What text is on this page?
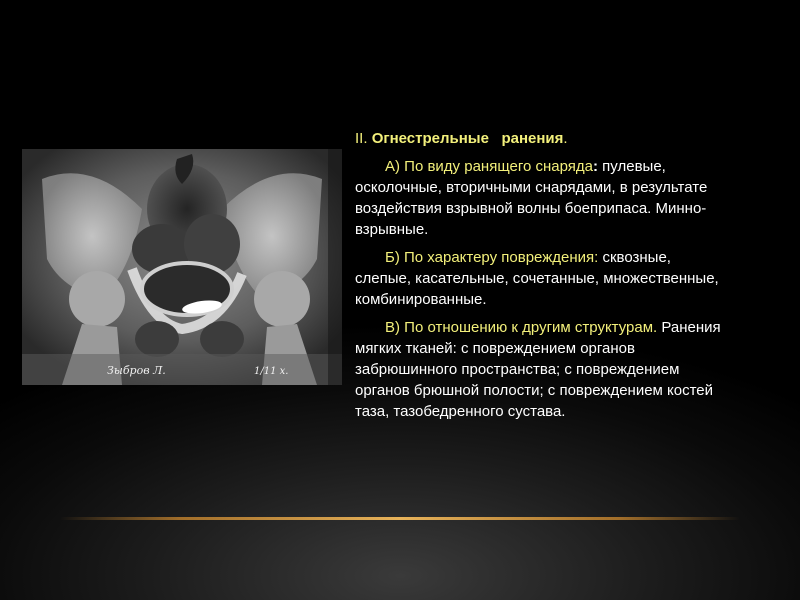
Зыбров Л.	1/11 х.

II. Огнестрельные   ранения.

А) По виду ранящего снаряда: пулевые, осколочные, вторичными снарядами, в результате воздействия взрывной волны боеприпаса. Минно-взрывные.

Б) По характеру повреждения: сквозные, слепые, касательные, сочетанные, множественные, комбинированные.

В) По отношению к другим структурам. Ранения мягких тканей: с повреждением органов забрюшинного пространства; с повреждением органов брюшной полости; с повреждением костей таза, тазобедренного сустава.
